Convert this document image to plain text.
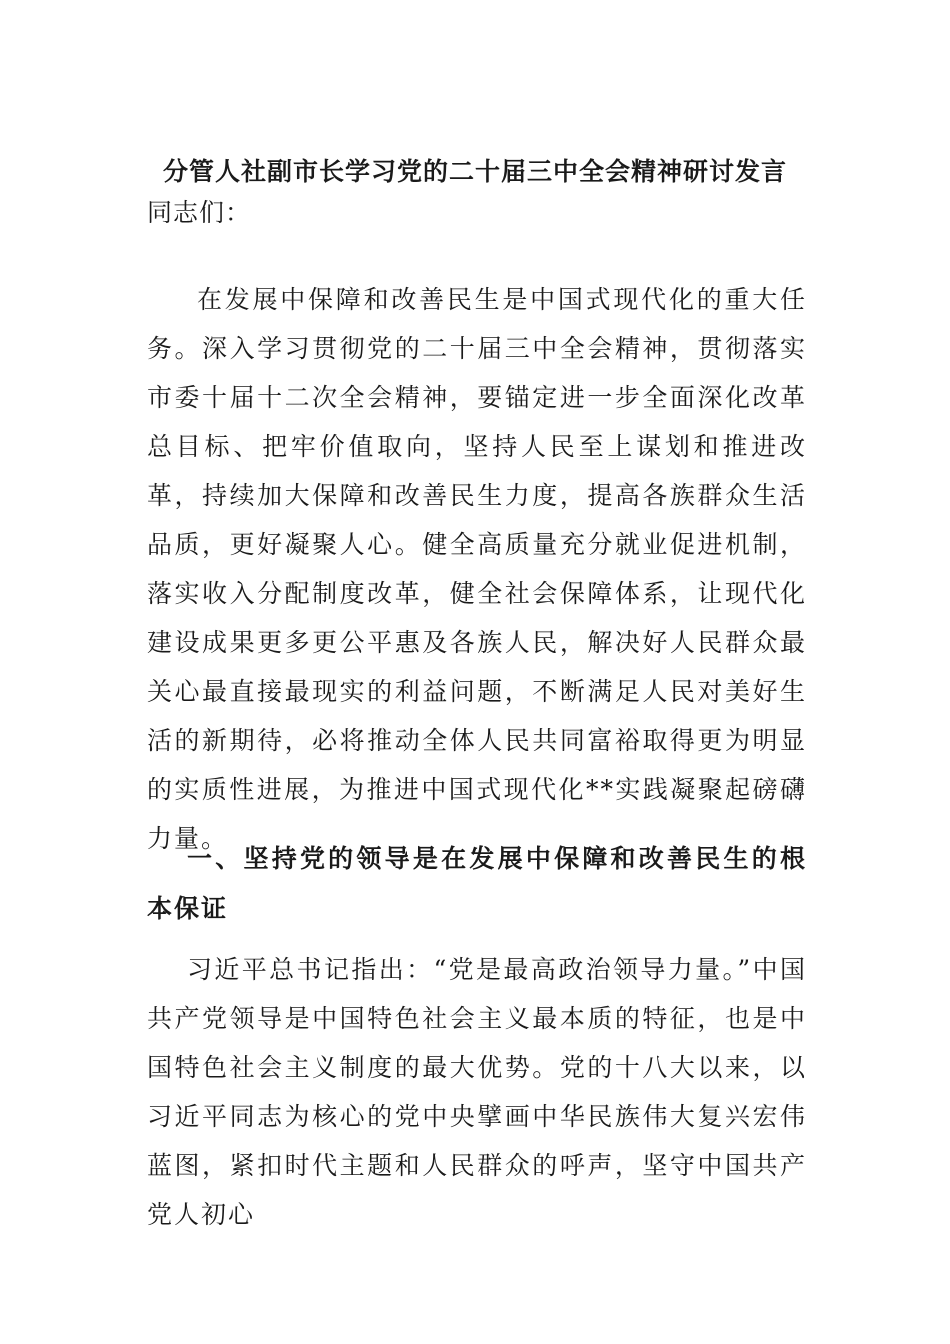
分管人社副市长学习党的二十届三中全会精神研讨发言
同志们：
在发展中保障和改善民生是中国式现代化的重大任务。深入学习贯彻党的二十届三中全会精神，贯彻落实市委十届十二次全会精神，要锚定进一步全面深化改革总目标、把牢价值取向，坚持人民至上谋划和推进改革，持续加大保障和改善民生力度，提高各族群众生活品质，更好凝聚人心。健全高质量充分就业促进机制，落实收入分配制度改革，健全社会保障体系，让现代化建设成果更多更公平惠及各族人民，解决好人民群众最关心最直接最现实的利益问题，不断满足人民对美好生活的新期待，必将推动全体人民共同富裕取得更为明显的实质性进展，为推进中国式现代化**实践凝聚起磅礴力量。
一、坚持党的领导是在发展中保障和改善民生的根本保证
习近平总书记指出：“党是最高政治领导力量。”中国共产党领导是中国特色社会主义最本质的特征，也是中国特色社会主义制度的最大优势。党的十八大以来，以习近平同志为核心的党中央擘画中华民族伟大复兴宏伟蓝图，紧扣时代主题和人民群众的呼声，坚守中国共产党人初心
